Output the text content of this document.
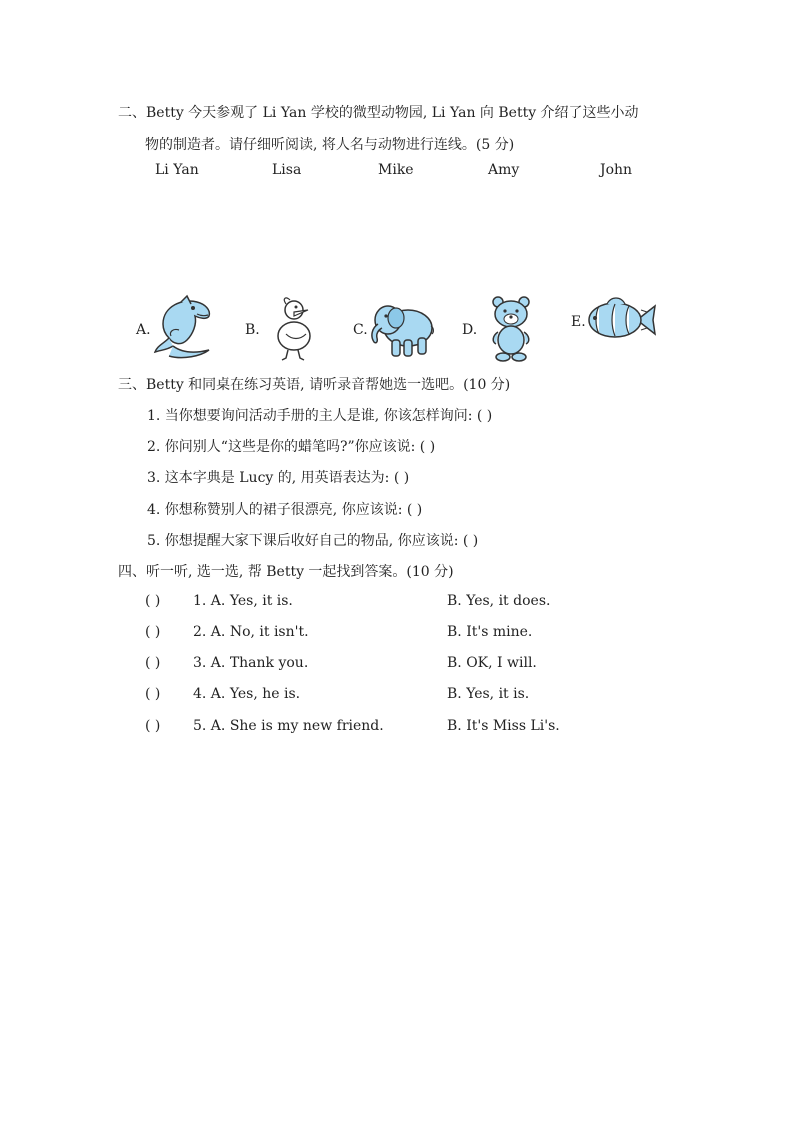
二、Betty 今天参观了 Li Yan 学校的微型动物园, Li Yan 向 Betty 介绍了这些小动
物的制造者。请仔细听阅读, 将人名与动物进行连线。(5 分)
Li Yan	Lisa	Mike	Amy	John
A.	B.	C.	D.	E.
三、Betty 和同桌在练习英语, 请听录音帮她选一选吧。(10 分)
1. 当你想要询问活动手册的主人是谁, 你该怎样询问: ( )
2. 你问别人“这些是你的蜡笔吗?”你应该说: ( )
3. 这本字典是 Lucy 的, 用英语表达为: ( )
4. 你想称赞别人的裙子很漂亮, 你应该说: ( )
5. 你想提醒大家下课后收好自己的物品, 你应该说: ( )
四、听一听, 选一选, 帮 Betty 一起找到答案。(10 分)
( ) 1. A. Yes, it is.	B. Yes, it does.
( ) 2. A. No, it isn't.	B. It's mine.
( ) 3. A. Thank you.	B. OK, I will.
( ) 4. A. Yes, he is.	B. Yes, it is.
( ) 5. A. She is my new friend.	B. It's Miss Li's.
